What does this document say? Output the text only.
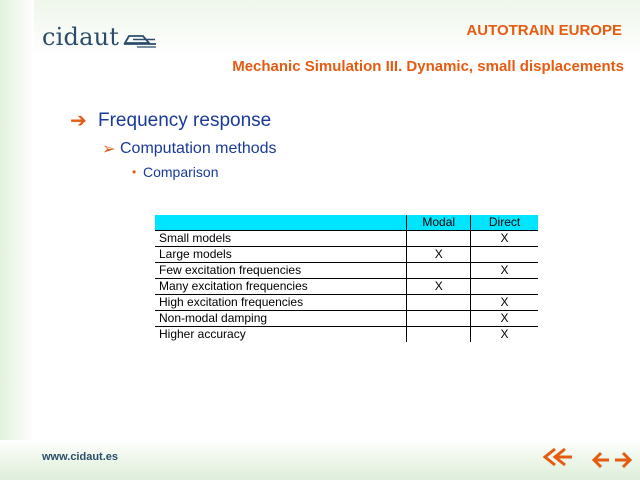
cidaut	AUTOTRAIN EUROPE
Mechanic Simulation III. Dynamic, small displacements
➔ Frequency response
➢ Computation methods
• Comparison
	Modal	Direct
Small models		X
Large models	X	
Few excitation frequencies		X
Many excitation frequencies	X	
High excitation frequencies		X
Non-modal damping		X
Higher accuracy		X
www.cidaut.es
